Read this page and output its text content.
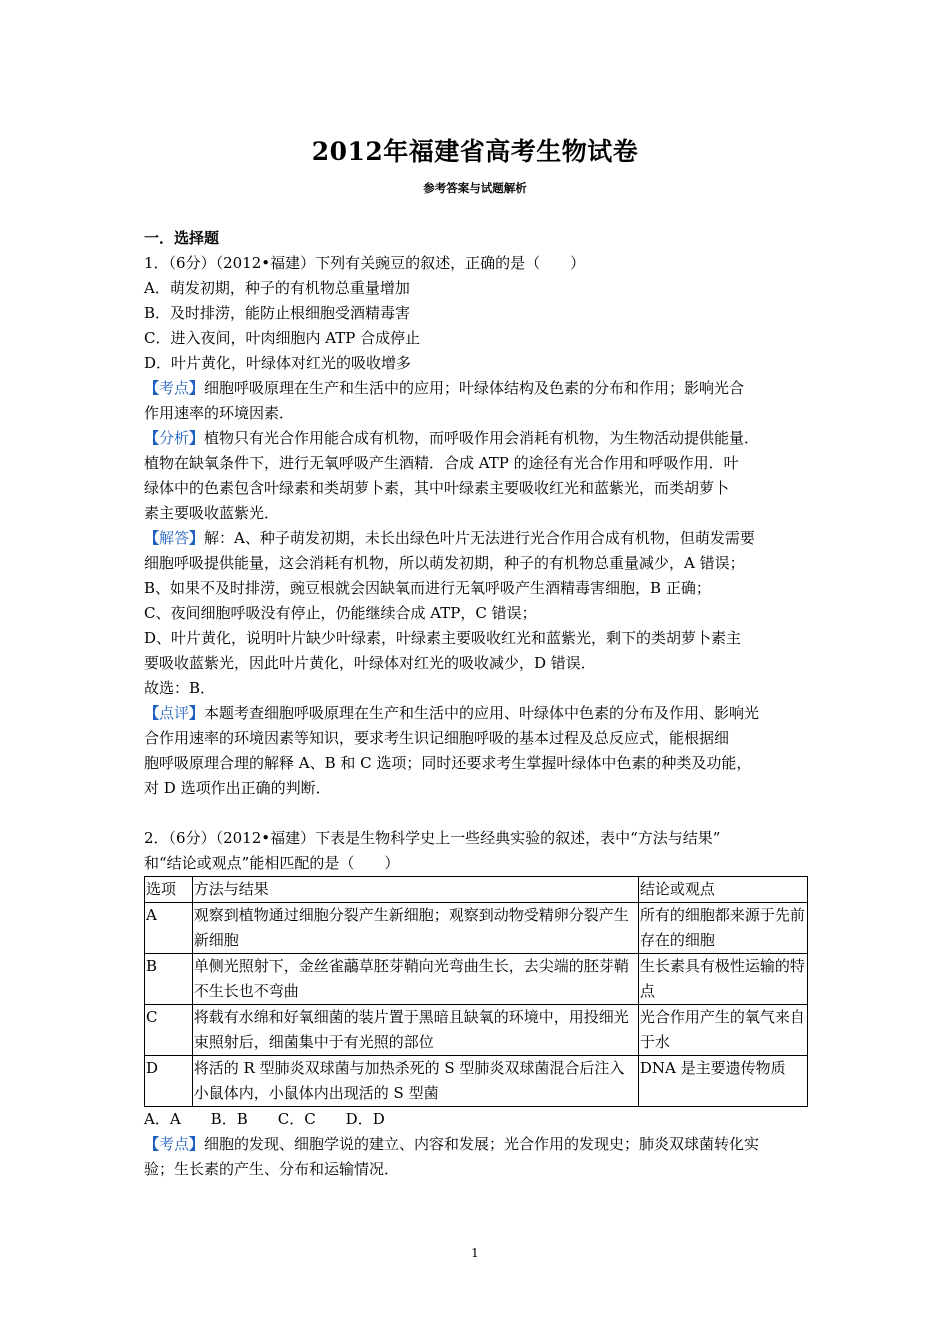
2012年福建省高考生物试卷
参考答案与试题解析
一．选择题
1．（6分）（2012•福建）下列有关豌豆的叙述，正确的是（　　）
A．萌发初期，种子的有机物总重量增加
B．及时排涝，能防止根细胞受酒精毒害
C．进入夜间，叶肉细胞内 ATP 合成停止
D．叶片黄化，叶绿体对红光的吸收增多
【考点】细胞呼吸原理在生产和生活中的应用；叶绿体结构及色素的分布和作用；影响光合
作用速率的环境因素．
【分析】植物只有光合作用能合成有机物，而呼吸作用会消耗有机物，为生物活动提供能量．
植物在缺氧条件下，进行无氧呼吸产生酒精．合成 ATP 的途径有光合作用和呼吸作用．叶
绿体中的色素包含叶绿素和类胡萝卜素，其中叶绿素主要吸收红光和蓝紫光，而类胡萝卜
素主要吸收蓝紫光．
【解答】解：A、种子萌发初期，未长出绿色叶片无法进行光合作用合成有机物，但萌发需要
细胞呼吸提供能量，这会消耗有机物，所以萌发初期，种子的有机物总重量减少，A 错误；
B、如果不及时排涝，豌豆根就会因缺氧而进行无氧呼吸产生酒精毒害细胞，B 正确；
C、夜间细胞呼吸没有停止，仍能继续合成 ATP，C 错误；
D、叶片黄化，说明叶片缺少叶绿素，叶绿素主要吸收红光和蓝紫光，剩下的类胡萝卜素主
要吸收蓝紫光，因此叶片黄化，叶绿体对红光的吸收减少，D 错误．
故选：B．
【点评】本题考查细胞呼吸原理在生产和生活中的应用、叶绿体中色素的分布及作用、影响光
合作用速率的环境因素等知识，要求考生识记细胞呼吸的基本过程及总反应式，能根据细
胞呼吸原理合理的解释 A、B 和 C 选项；同时还要求考生掌握叶绿体中色素的种类及功能，
对 D 选项作出正确的判断．
2．（6分）（2012•福建）下表是生物科学史上一些经典实验的叙述，表中“方法与结果”
和“结论或观点”能相匹配的是（　　）
选项	方法与结果	结论或观点
A	观察到植物通过细胞分裂产生新细胞；观察到动物受精卵分裂产生新细胞	所有的细胞都来源于先前存在的细胞
B	单侧光照射下，金丝雀虉草胚芽鞘向光弯曲生长，去尖端的胚芽鞘不生长也不弯曲	生长素具有极性运输的特点
C	将载有水绵和好氧细菌的装片置于黑暗且缺氧的环境中，用投细光束照射后，细菌集中于有光照的部位	光合作用产生的氧气来自于水
D	将活的 R 型肺炎双球菌与加热杀死的 S 型肺炎双球菌混合后注入小鼠体内，小鼠体内出现活的 S 型菌	DNA 是主要遗传物质
A．A　　B．B　　C．C　　D．D
【考点】细胞的发现、细胞学说的建立、内容和发展；光合作用的发现史；肺炎双球菌转化实
验；生长素的产生、分布和运输情况．
1
